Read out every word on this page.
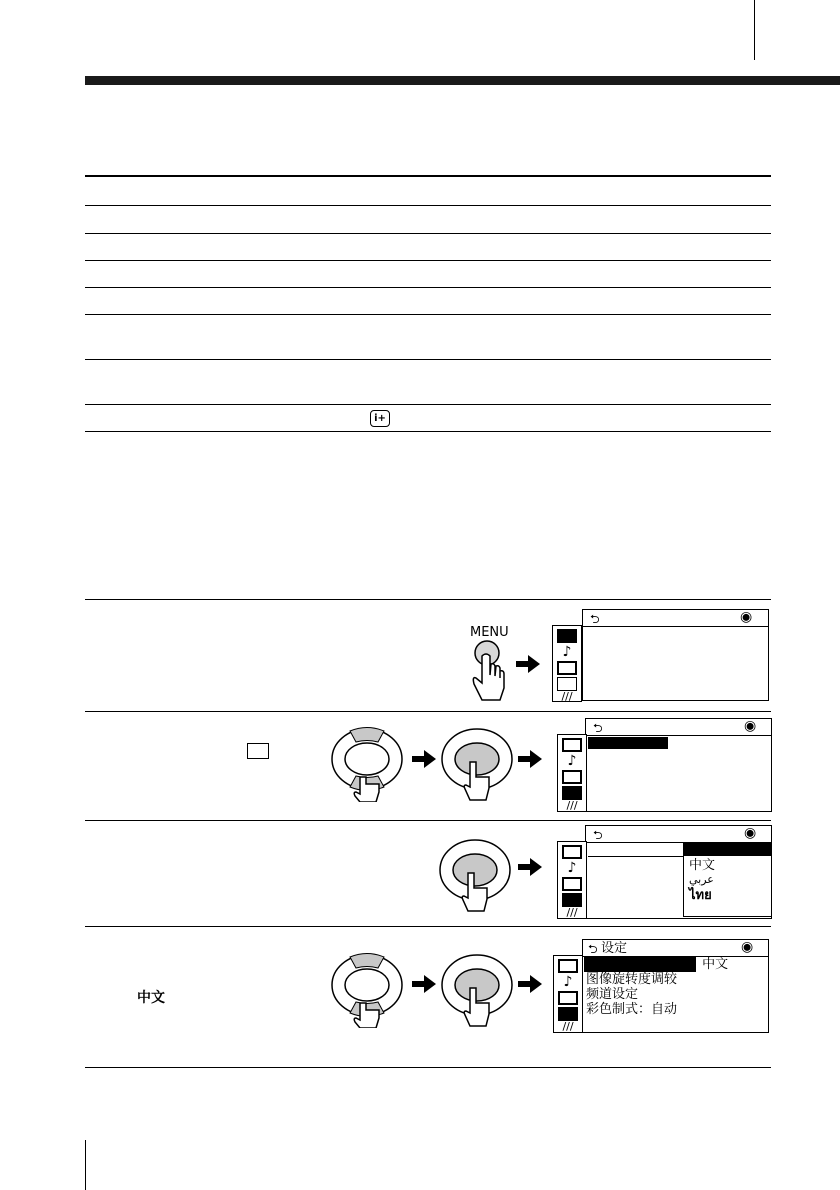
i+
MENU
♪
///
⮌	◉
♪
///
⮌	◉
中文
عربي
ไทย
♪
///
⮌	◉
中文
⮌ 设定	◉
语言/LANGUAGE：中文
图像旋转度调较
频道设定
彩色制式：自动
♪
///
